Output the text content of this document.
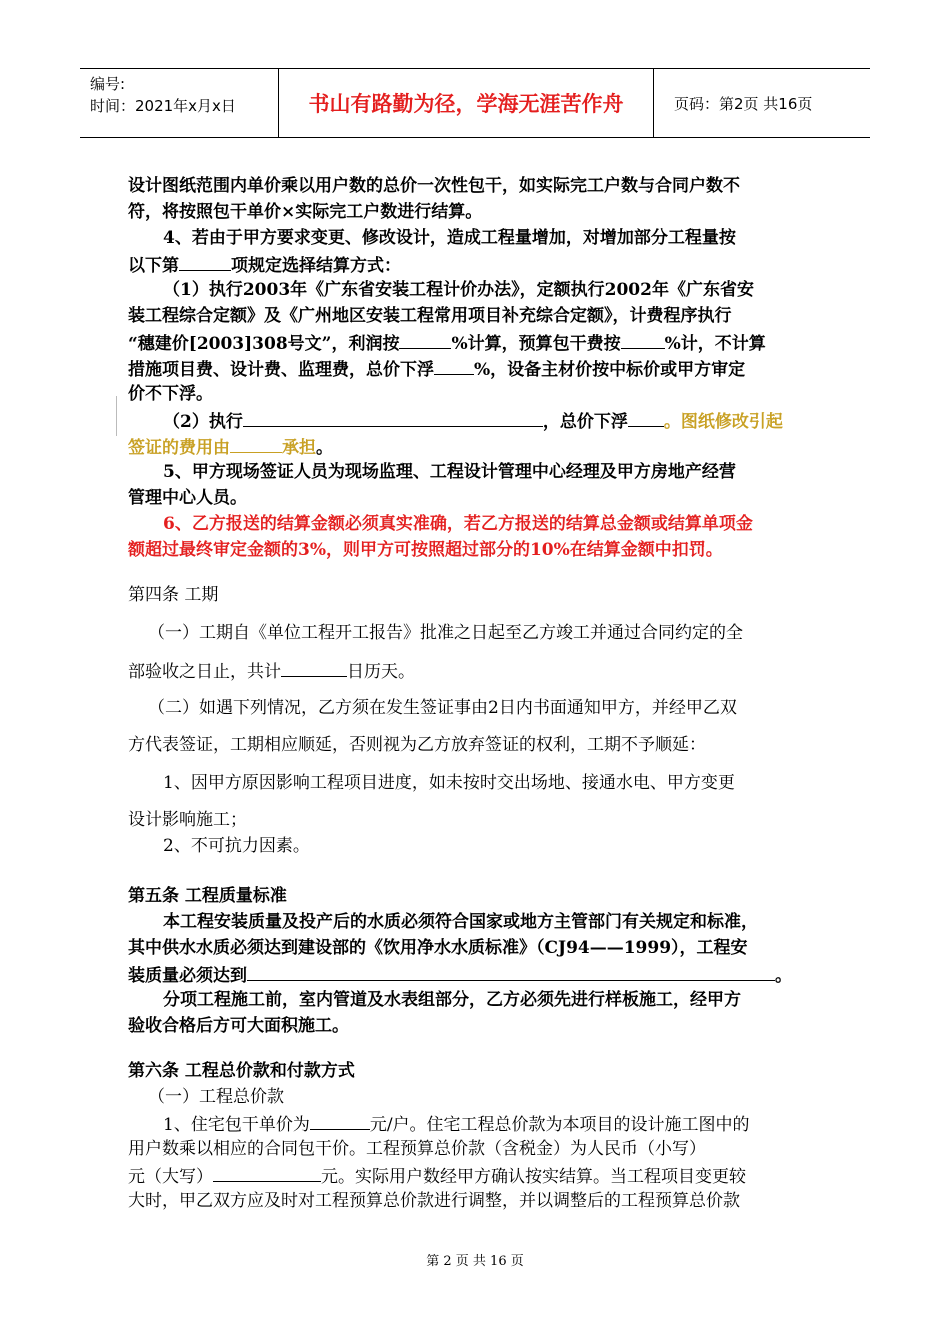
编号:
时间：2021年x月x日	书山有路勤为径，学海无涯苦作舟	页码：第2页 共16页
设计图纸范围内单价乘以用户数的总价一次性包干，如实际完工户数与合同户数不
符，将按照包干单价×实际完工户数进行结算。
4、若由于甲方要求变更、修改设计，造成工程量增加，对增加部分工程量按
以下第	项规定选择结算方式：
（1）执行2003年《广东省安装工程计价办法》，定额执行2002年《广东省安
装工程综合定额》及《广州地区安装工程常用项目补充综合定额》，计费程序执行
“穗建价[2003]308号文”，利润按	%计算，预算包干费按	%计，不计算
措施项目费、设计费、监理费，总价下浮 %，设备主材价按中标价或甲方审定
价不下浮。
（2）执行	，总价下浮 。图纸修改引起
签证的费用由	承担。
5、甲方现场签证人员为现场监理、工程设计管理中心经理及甲方房地产经营
管理中心人员。
6、乙方报送的结算金额必须真实准确，若乙方报送的结算总金额或结算单项金
额超过最终审定金额的3%，则甲方可按照超过部分的10%在结算金额中扣罚。
第四条 工期
（一）工期自《单位工程开工报告》批准之日起至乙方竣工并通过合同约定的全
部验收之日止，共计	日历天。
（二）如遇下列情况，乙方须在发生签证事由2日内书面通知甲方，并经甲乙双
方代表签证，工期相应顺延，否则视为乙方放弃签证的权利，工期不予顺延：
1、因甲方原因影响工程项目进度，如未按时交出场地、接通水电、甲方变更
设计影响施工；
2、不可抗力因素。
第五条 工程质量标准
本工程安装质量及投产后的水质必须符合国家或地方主管部门有关规定和标准，
其中供水水质必须达到建设部的《饮用净水水质标准》（CJ94——1999），工程安
装质量必须达到	。
分项工程施工前，室内管道及水表组部分，乙方必须先进行样板施工，经甲方
验收合格后方可大面积施工。
第六条 工程总价款和付款方式
（一）工程总价款
1、住宅包干单价为	元/户。住宅工程总价款为本项目的设计施工图中的
用户数乘以相应的合同包干价。工程预算总价款（含税金）为人民币（小写）
元（大写）	元。实际用户数经甲方确认按实结算。当工程项目变更较
大时，甲乙双方应及时对工程预算总价款进行调整，并以调整后的工程预算总价款
第 2 页 共 16 页
